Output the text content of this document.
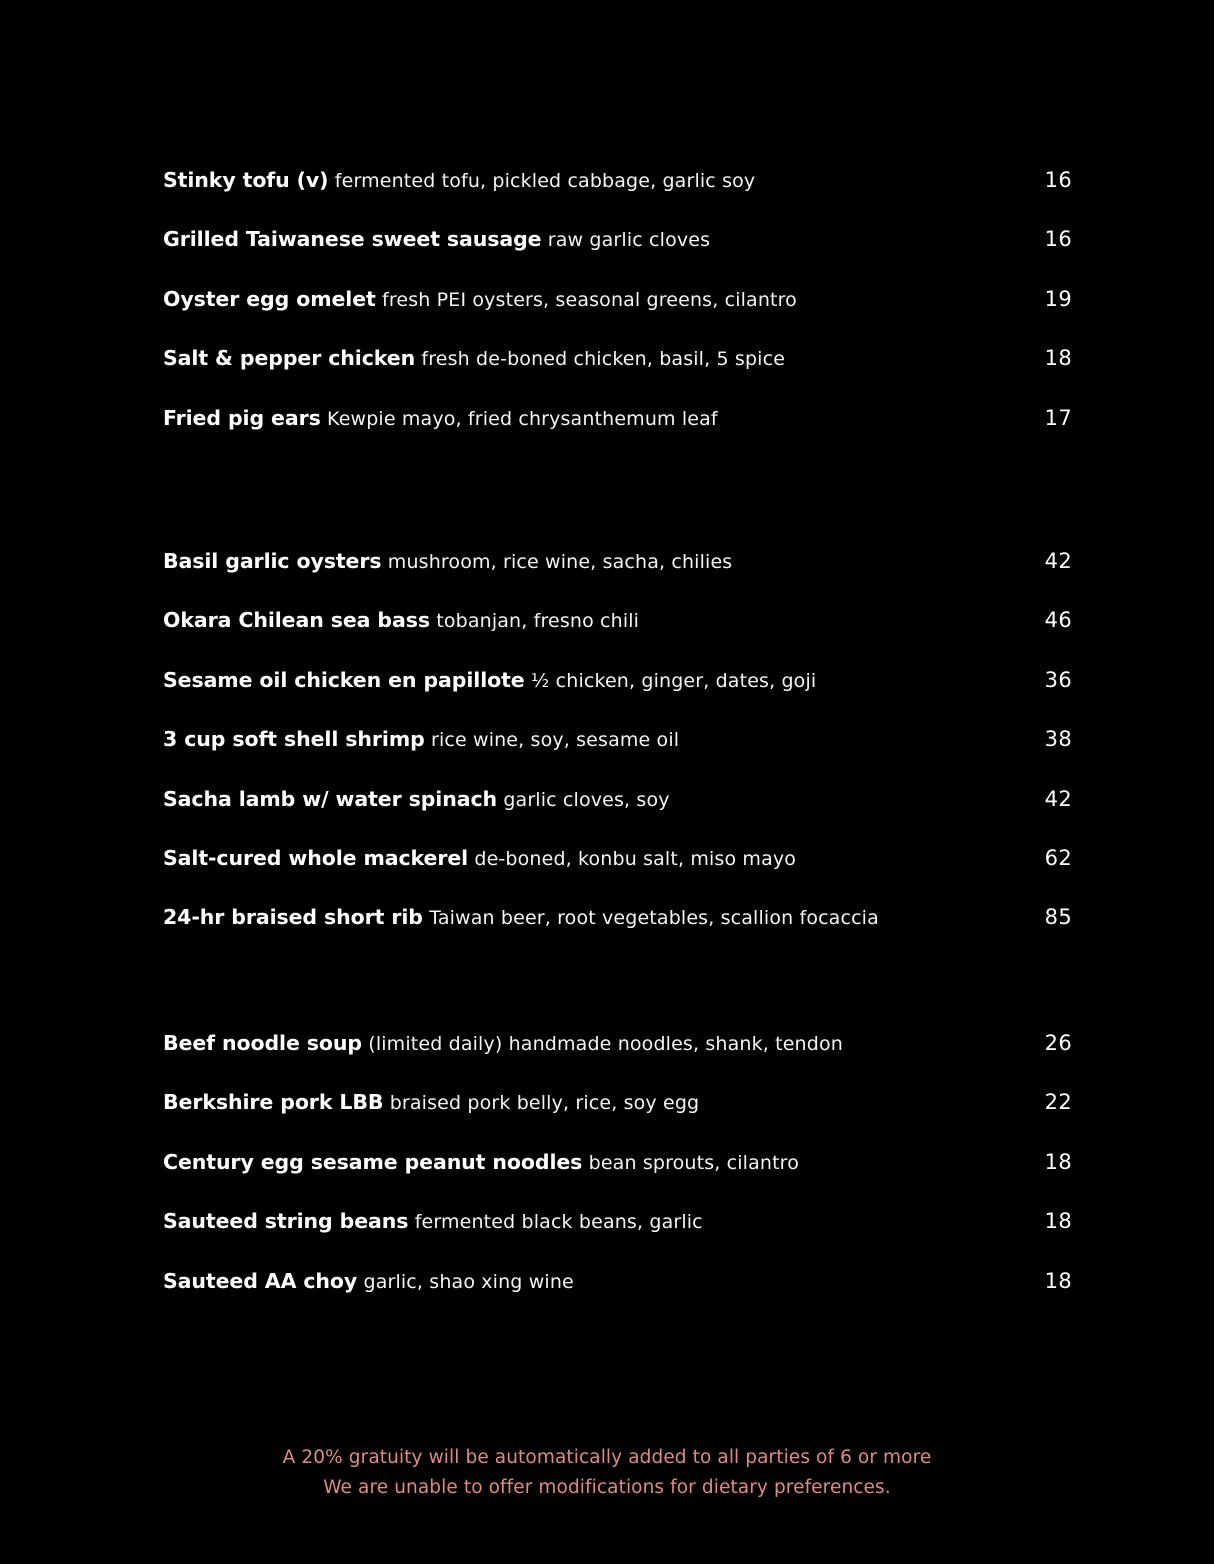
Stinky tofu (v) fermented tofu, pickled cabbage, garlic soy	16
Grilled Taiwanese sweet sausage raw garlic cloves	16
Oyster egg omelet fresh PEI oysters, seasonal greens, cilantro	19
Salt & pepper chicken fresh de-boned chicken, basil, 5 spice	18
Fried pig ears Kewpie mayo, fried chrysanthemum leaf	17
Basil garlic oysters mushroom, rice wine, sacha, chilies	42
Okara Chilean sea bass tobanjan, fresno chili	46
Sesame oil chicken en papillote ½ chicken, ginger, dates, goji	36
3 cup soft shell shrimp rice wine, soy, sesame oil	38
Sacha lamb w/ water spinach garlic cloves, soy	42
Salt-cured whole mackerel de-boned, konbu salt, miso mayo	62
24-hr braised short rib Taiwan beer, root vegetables, scallion focaccia	85
Beef noodle soup (limited daily) handmade noodles, shank, tendon	26
Berkshire pork LBB braised pork belly, rice, soy egg	22
Century egg sesame peanut noodles bean sprouts, cilantro	18
Sauteed string beans fermented black beans, garlic	18
Sauteed AA choy garlic, shao xing wine	18
A 20% gratuity will be automatically added to all parties of 6 or more
We are unable to offer modifications for dietary preferences.
